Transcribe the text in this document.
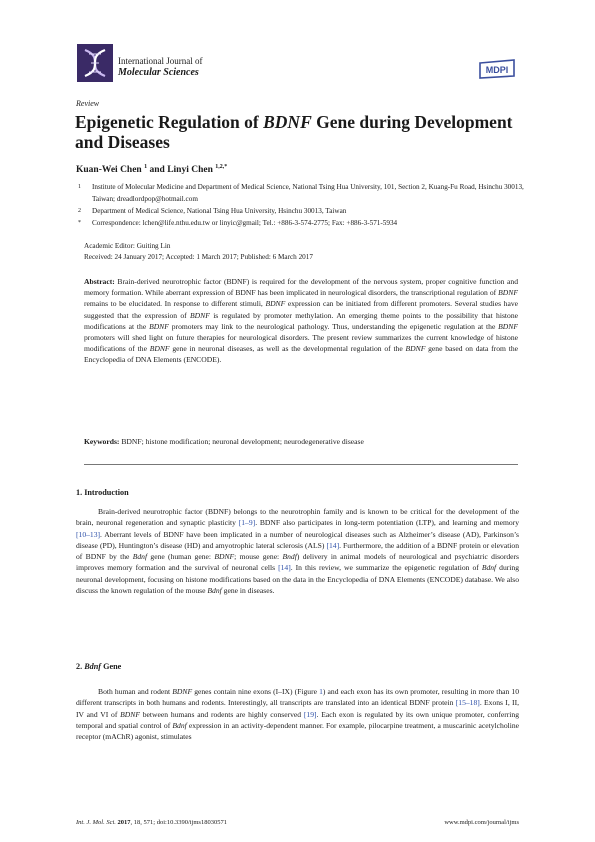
International Journal of
Molecular Sciences	MDPI
Review
Epigenetic Regulation of BDNF Gene during Development and Diseases
Kuan-Wei Chen $^1$ and Linyi Chen $^{1,2,*}$
1	Institute of Molecular Medicine and Department of Medical Science, National Tsing Hua University, 101, Section 2, Kuang-Fu Road, Hsinchu 30013, Taiwan; dreadlordpop@hotmail.com
2	Department of Medical Science, National Tsing Hua University, Hsinchu 30013, Taiwan
*	Correspondence: lchen@life.nthu.edu.tw or linyic@gmail; Tel.: +886-3-574-2775; Fax: +886-3-571-5934
Academic Editor: Guiting Lin
Received: 24 January 2017; Accepted: 1 March 2017; Published: 6 March 2017
Abstract: Brain-derived neurotrophic factor (BDNF) is required for the development of the nervous system, proper cognitive function and memory formation. While aberrant expression of BDNF has been implicated in neurological disorders, the transcriptional regulation of BDNF remains to be elucidated. In response to different stimuli, BDNF expression can be initiated from different promoters. Several studies have suggested that the expression of BDNF is regulated by promoter methylation. An emerging theme points to the possibility that histone modifications at the BDNF promoters may link to the neurological pathology. Thus, understanding the epigenetic regulation at the BDNF promoters will shed light on future therapies for neurological disorders. The present review summarizes the current knowledge of histone modifications of the BDNF gene in neuronal diseases, as well as the developmental regulation of the BDNF gene based on data from the Encyclopedia of DNA Elements (ENCODE).
Keywords: BDNF; histone modification; neuronal development; neurodegenerative disease
1. Introduction
Brain-derived neurotrophic factor (BDNF) belongs to the neurotrophin family and is known to be critical for the development of the brain, neuronal regeneration and synaptic plasticity [1–9]. BDNF also participates in long-term potentiation (LTP), and learning and memory [10–13]. Aberrant levels of BDNF have been implicated in a number of neurological diseases such as Alzheimer’s disease (AD), Parkinson’s disease (PD), Huntington’s disease (HD) and amyotrophic lateral sclerosis (ALS) [14]. Furthermore, the addition of a BDNF protein or elevation of BDNF by the Bdnf gene (human gene: BDNF; mouse gene: Bndf) delivery in animal models of neurological and psychiatric disorders improves memory formation and the survival of neuronal cells [14]. In this review, we summarize the epigenetic regulation of Bdnf during neuronal development, focusing on histone modifications based on the data in the Encyclopedia of DNA Elements (ENCODE) database. We also discuss the known regulation of the mouse Bdnf gene in diseases.
2. Bdnf Gene
Both human and rodent BDNF genes contain nine exons (I–IX) (Figure 1) and each exon has its own promoter, resulting in more than 10 different transcripts in both humans and rodents. Interestingly, all transcripts are translated into an identical BDNF protein [15–18]. Exons I, II, IV and VI of BDNF between humans and rodents are highly conserved [19]. Each exon is regulated by its own unique promoter, conferring temporal and spatial control of Bdnf expression in an activity-dependent manner. For example, pilocarpine treatment, a muscarinic acetylcholine receptor (mAChR) agonist, stimulates
Int. J. Mol. Sci. 2017, 18, 571; doi:10.3390/ijms18030571	www.mdpi.com/journal/ijms
